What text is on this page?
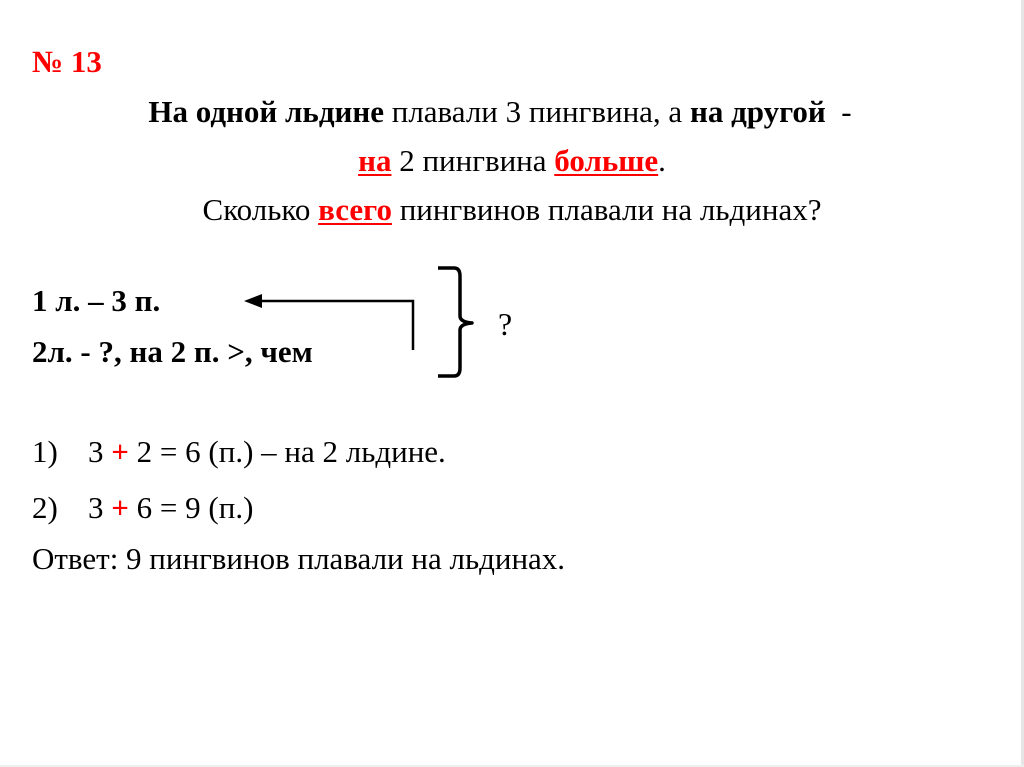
№ 13
На одной льдине плавали 3 пингвина, а на другой  -
на 2 пингвина больше.
Сколько всего пингвинов плавали на льдинах?
1 л. – 3 п.
2л. - ?, на 2 п. >, чем
?
1) 3 + 2 = 6 (п.) – на 2 льдине.
2) 3 + 6 = 9 (п.)
Ответ: 9 пингвинов плавали на льдинах.
